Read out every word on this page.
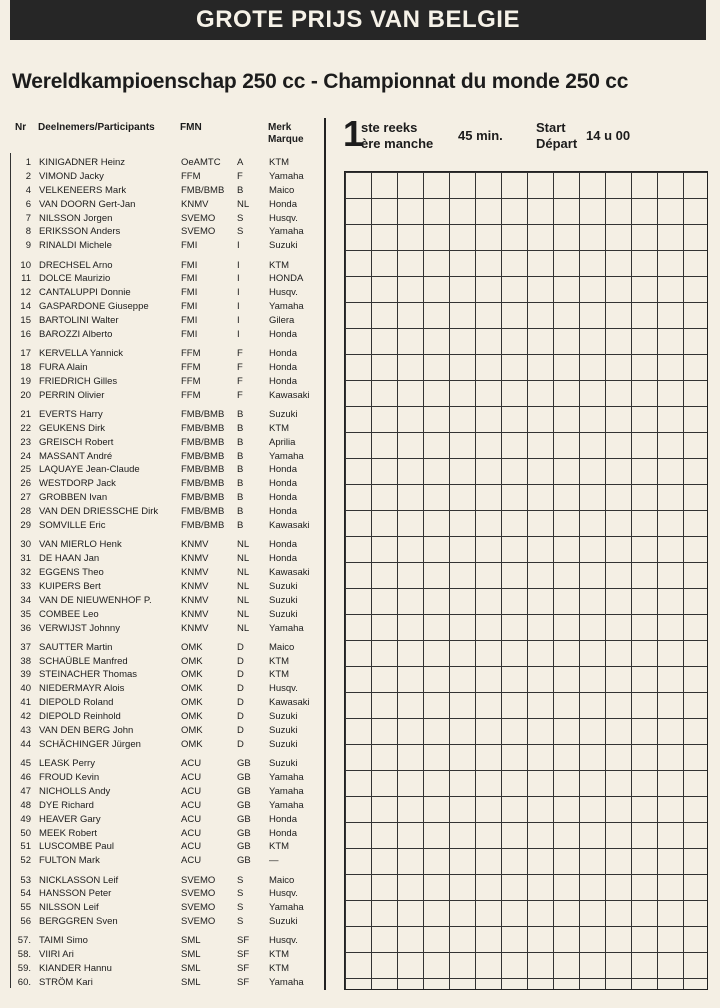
GROTE PRIJS VAN BELGIE
Wereldkampioenschap 250 cc - Championnat du monde 250 cc
Nr Deelnemers/Participants	FMN	Merk
Marque
1 KINIGADNER Heinz	OeAMTC A	KTM
2 VIMOND Jacky	FFM	F	Yamaha
4 VELKENEERS Mark	FMB/BMB B	Maico
6 VAN DOORN Gert-Jan	KNMV	NL Honda
7 NILSSON Jorgen	SVEMO S	Husqv.
8 ERIKSSON Anders	SVEMO S	Yamaha
9 RINALDI Michele	FMI	I	Suzuki
10 DRECHSEL Arno	FMI	I	KTM
11 DOLCE Maurizio	FMI	I	HONDA
12 CANTALUPPI Donnie	FMI	I	Husqv.
14 GASPARDONE Giuseppe	FMI	I	Yamaha
15 BARTOLINI Walter	FMI	I	Gilera
16 BAROZZI Alberto	FMI	I	Honda
17 KERVELLA Yannick	FFM	F	Honda
18 FURA Alain	FFM	F	Honda
19 FRIEDRICH Gilles	FFM	F	Honda
20 PERRIN Olivier	FFM	F	Kawasaki
21 EVERTS Harry	FMB/BMB B	Suzuki
22 GEUKENS Dirk	FMB/BMB B	KTM
23 GREISCH Robert	FMB/BMB B	Aprilia
24 MASSANT André	FMB/BMB B	Yamaha
25 LAQUAYE Jean-Claude	FMB/BMB B	Honda
26 WESTDORP Jack	FMB/BMB B	Honda
27 GROBBEN Ivan	FMB/BMB B	Honda
28 VAN DEN DRIESSCHE Dirk FMB/BMB B	Honda
29 SOMVILLE Eric	FMB/BMB B	Kawasaki
30 VAN MIERLO Henk	KNMV	NL Honda
31 DE HAAN Jan	KNMV	NL Honda
32 EGGENS Theo	KNMV	NL Kawasaki
33 KUIPERS Bert	KNMV	NL Suzuki
34 VAN DE NIEUWENHOF P.	KNMV	NL Suzuki
35 COMBEE Leo	KNMV	NL Suzuki
36 VERWIJST Johnny	KNMV	NL Yamaha
37 SAUTTER Martin	OMK	D	Maico
38 SCHAÜBLE Manfred	OMK	D	KTM
39 STEINACHER Thomas	OMK	D	KTM
40 NIEDERMAYR Alois	OMK	D	Husqv.
41 DIEPOLD Roland	OMK	D	Kawasaki
42 DIEPOLD Reinhold	OMK	D	Suzuki
43 VAN DEN BERG John	OMK	D	Suzuki
44 SCHÄCHINGER Jürgen	OMK	D	Suzuki
45 LEASK Perry	ACU	GB Suzuki
46 FROUD Kevin	ACU	GB Yamaha
47 NICHOLLS Andy	ACU	GB Yamaha
48 DYE Richard	ACU	GB Yamaha
49 HEAVER Gary	ACU	GB Honda
50 MEEK Robert	ACU	GB Honda
51 LUSCOMBE Paul	ACU	GB KTM
52 FULTON Mark	ACU	GB —
53 NICKLASSON Leif	SVEMO S	Maico
54 HANSSON Peter	SVEMO S	Husqv.
55 NILSSON Leif	SVEMO S	Yamaha
56 BERGGREN Sven	SVEMO S	Suzuki
57. TAIMI Simo	SML	SF Husqv.
58. VIIRI Ari	SML	SF KTM
59. KIANDER Hannu	SML	SF KTM
60. STRÖM Kari	SML	SF Yamaha
1
ste reeks
ère manche
45 min.
Start
Départ
14 u 00
